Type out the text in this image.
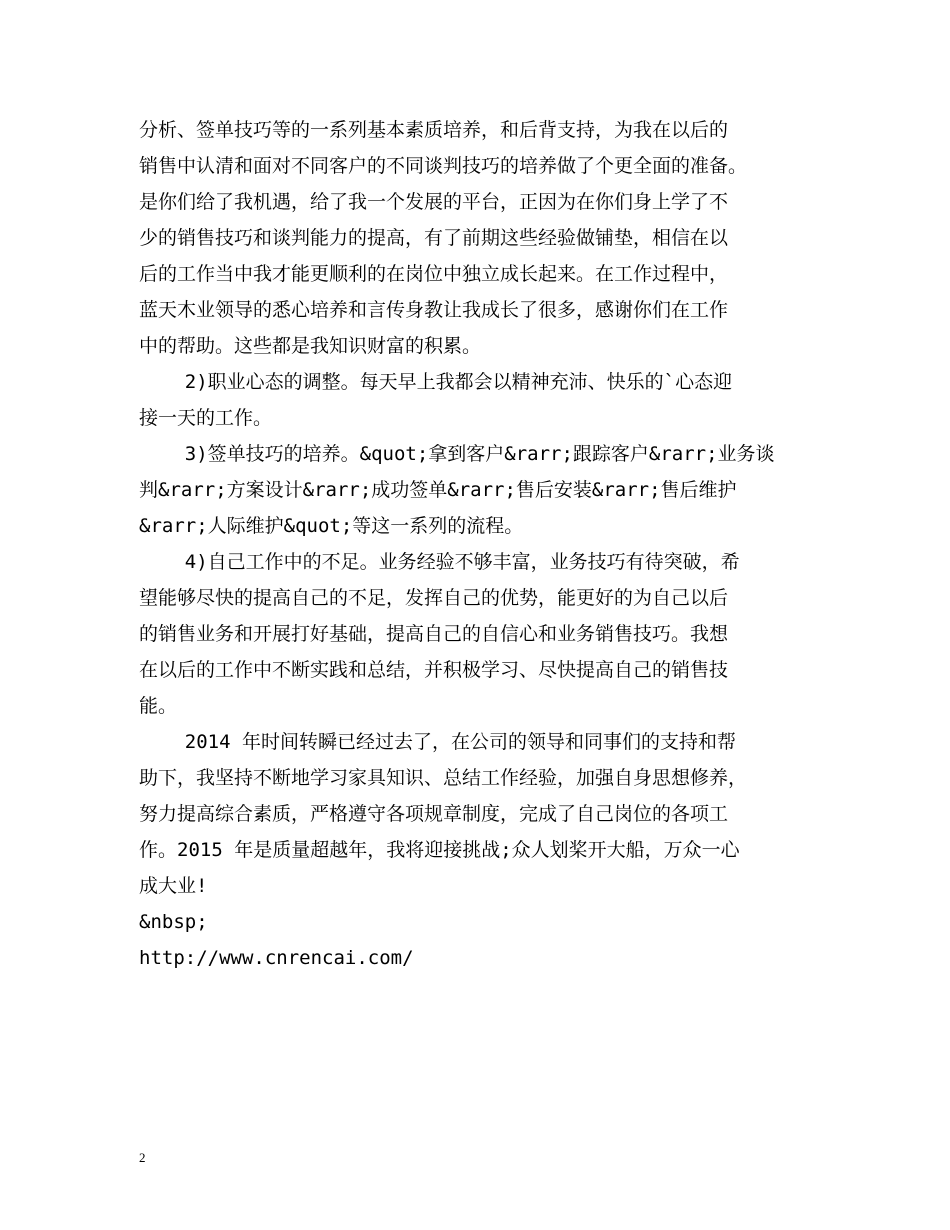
分析、签单技巧等的一系列基本素质培养，和后背支持，为我在以后的
销售中认清和面对不同客户的不同谈判技巧的培养做了个更全面的准备。
是你们给了我机遇，给了我一个发展的平台，正因为在你们身上学了不
少的销售技巧和谈判能力的提高，有了前期这些经验做铺垫，相信在以
后的工作当中我才能更顺利的在岗位中独立成长起来。在工作过程中，
蓝天木业领导的悉心培养和言传身教让我成长了很多，感谢你们在工作
中的帮助。这些都是我知识财富的积累。
2)职业心态的调整。每天早上我都会以精神充沛、快乐的`心态迎
接一天的工作。
3)签单技巧的培养。&quot;拿到客户&rarr;跟踪客户&rarr;业务谈
判&rarr;方案设计&rarr;成功签单&rarr;售后安装&rarr;售后维护
&rarr;人际维护&quot;等这一系列的流程。
4)自己工作中的不足。业务经验不够丰富，业务技巧有待突破，希
望能够尽快的提高自己的不足，发挥自己的优势，能更好的为自己以后
的销售业务和开展打好基础，提高自己的自信心和业务销售技巧。我想
在以后的工作中不断实践和总结，并积极学习、尽快提高自己的销售技
能。
2014 年时间转瞬已经过去了，在公司的领导和同事们的支持和帮
助下，我坚持不断地学习家具知识、总结工作经验，加强自身思想修养，
努力提高综合素质，严格遵守各项规章制度，完成了自己岗位的各项工
作。2015 年是质量超越年，我将迎接挑战;众人划桨开大船，万众一心
成大业!
&nbsp;
http://www.cnrencai.com/
2
